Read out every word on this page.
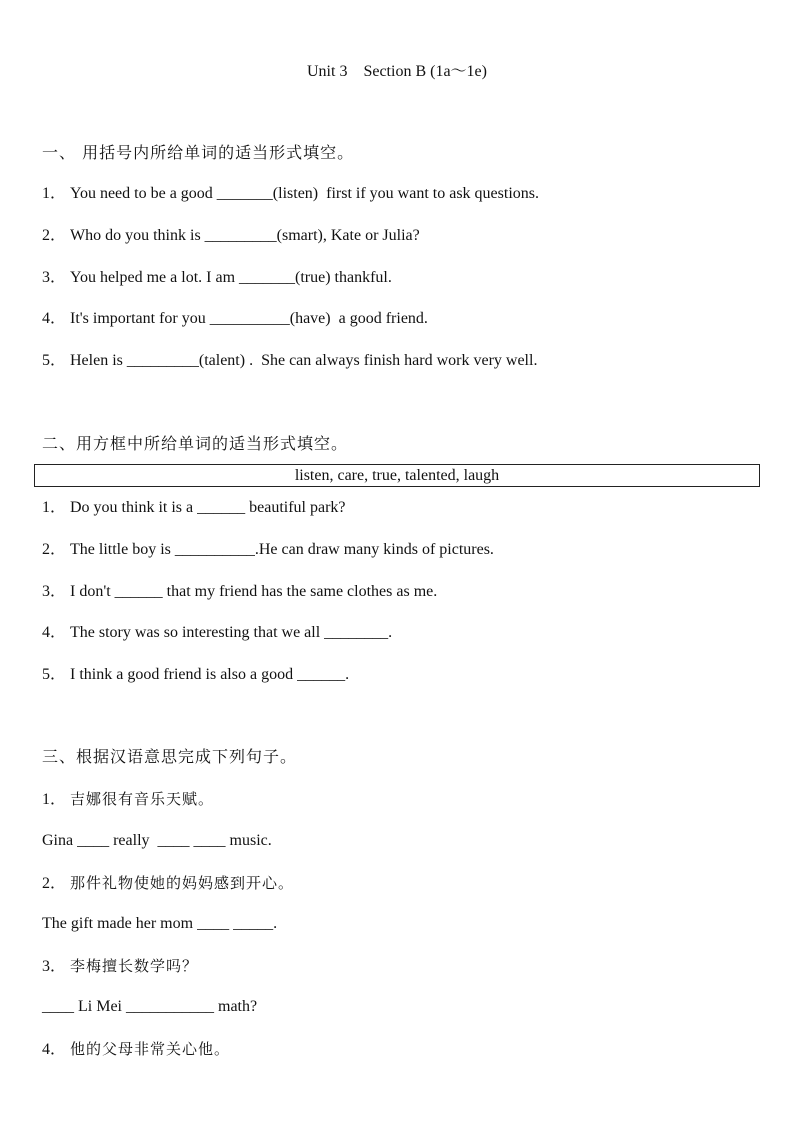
Unit 3    Section B (1a～1e)
一、 用括号内所给单词的适当形式填空。
1． You need to be a good _______(listen)  first if you want to ask questions.
2． Who do you think is _________(smart), Kate or Julia?
3． You helped me a lot. I am _______(true) thankful.
4． It's important for you __________(have)  a good friend.
5． Helen is _________(talent) .  She can always finish hard work very well.
二、用方框中所给单词的适当形式填空。
listen, care, true, talented, laugh
1． Do you think it is a ______ beautiful park?
2． The little boy is __________.He can draw many kinds of pictures.
3． I don't ______ that my friend has the same clothes as me.
4． The story was so interesting that we all ________.
5． I think a good friend is also a good ______.
三、根据汉语意思完成下列句子。
1． 吉娜很有音乐天赋。
Gina ____ really  ____ ____ music.
2． 那件礼物使她的妈妈感到开心。
The gift made her mom ____ _____.
3． 李梅擅长数学吗？
____ Li Mei ___________ math?
4． 他的父母非常关心他。
